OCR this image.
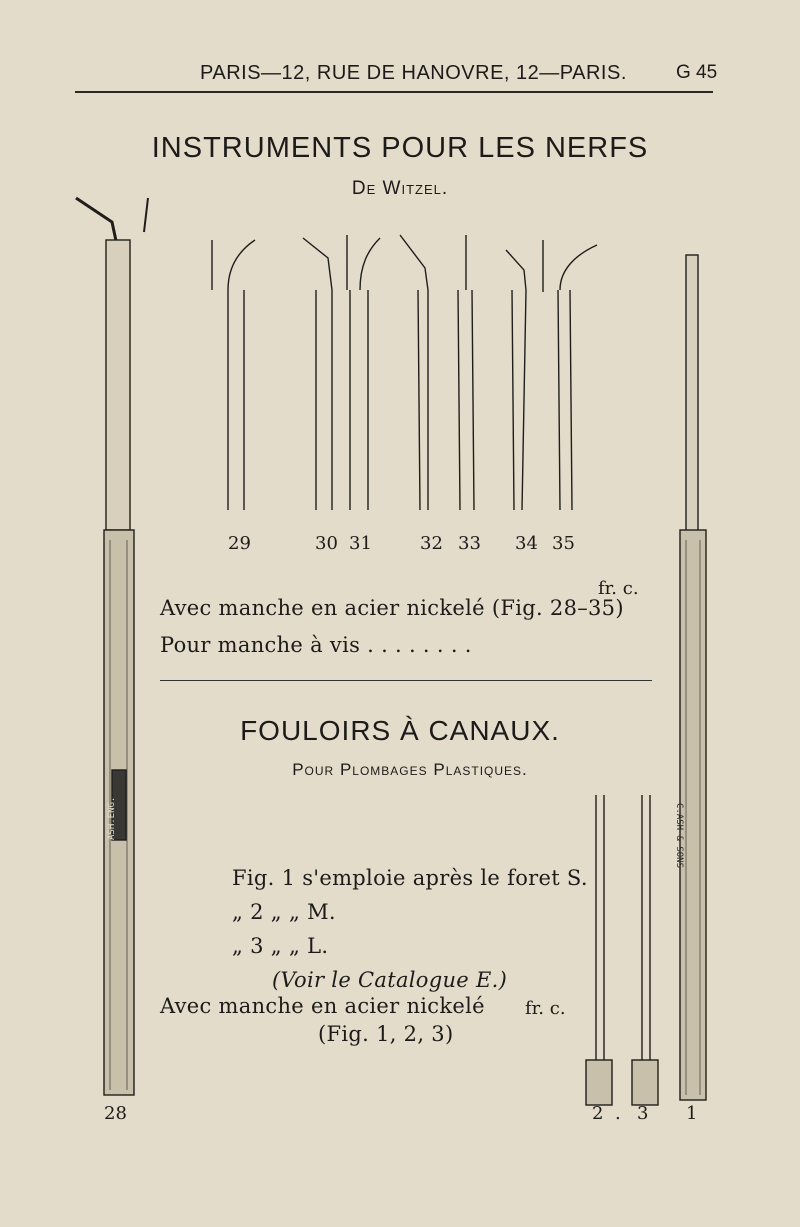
PARIS—12, RUE DE HANOVRE, 12—PARIS.	G 45
INSTRUMENTS POUR LES NERFS
De Witzel.
29	30 31	32 33 34 35
fr. c.
Avec manche en acier nickelé (Fig. 28–35)
Pour manche à vis . . . . . . . .
28
FOULOIRS À CANAUX.
Pour Plombages Plastiques.
Fig. 1 s'emploie après le foret S.
„ 2 „ „ M.
„ 3 „ „ L.
(Voir le Catalogue E.)
Avec manche en acier nickelé fr. c.
(Fig. 1, 2, 3)
2 . 3 1
ASH.ENG.	C.ASH & SONS
